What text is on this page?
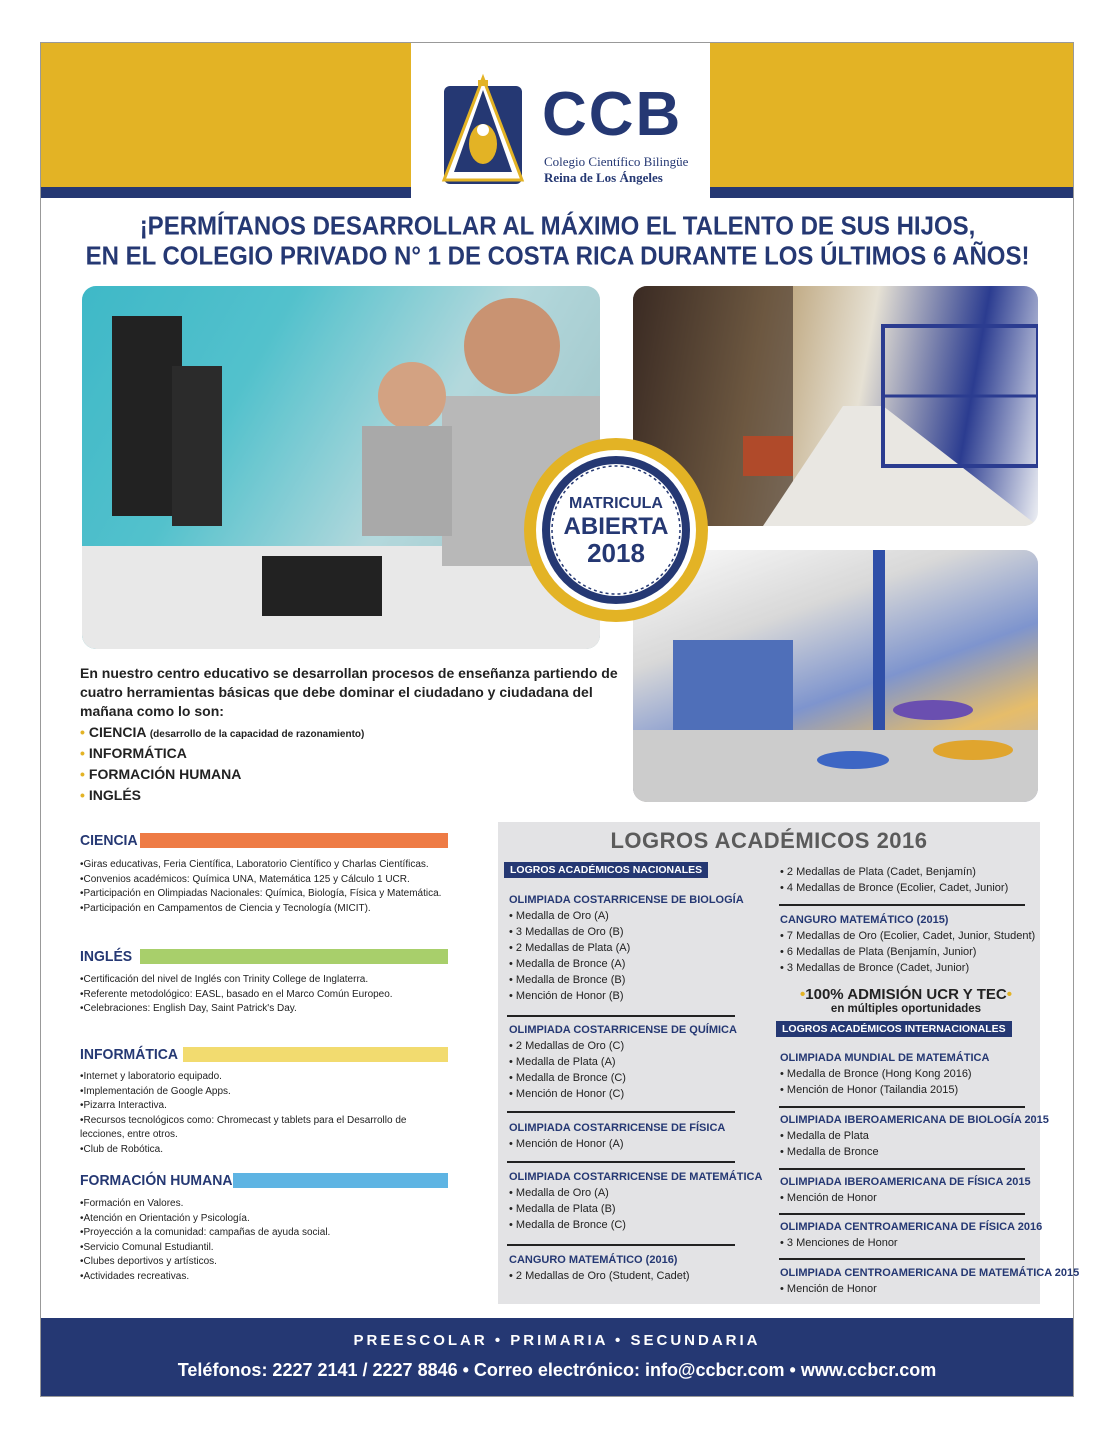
CCB
Colegio Científico Bilingüe
Reina de Los Ángeles
¡PERMÍTANOS DESARROLLAR AL MÁXIMO EL TALENTO DE SUS HIJOS,
EN EL COLEGIO PRIVADO N° 1 DE COSTA RICA DURANTE LOS ÚLTIMOS 6 AÑOS!
MATRICULA
ABIERTA
2018
En nuestro centro educativo se desarrollan procesos de enseñanza partiendo de cuatro herramientas básicas que debe dominar el ciudadano y ciudadana del mañana como lo son:
• CIENCIA (desarrollo de la capacidad de razonamiento)
• INFORMÁTICA
• FORMACIÓN HUMANA
• INGLÉS
CIENCIA
• Giras educativas, Feria Científica, Laboratorio Científico y Charlas Científicas.
• Convenios académicos: Química UNA, Matemática 125 y Cálculo 1 UCR.
• Participación en Olimpiadas Nacionales: Química, Biología, Física y Matemática.
• Participación en Campamentos de Ciencia y Tecnología (MICIT).
INGLÉS
• Certificación del nivel de Inglés con Trinity College de Inglaterra.
• Referente metodológico: EASL, basado en el Marco Común Europeo.
• Celebraciones: English Day, Saint Patrick's Day.
INFORMÁTICA
• Internet y laboratorio equipado.
• Implementación de Google Apps.
• Pizarra Interactiva.
• Recursos tecnológicos como: Chromecast y tablets para el Desarrollo de lecciones, entre otros.
• Club de Robótica.
FORMACIÓN HUMANA
• Formación en Valores.
• Atención en Orientación y Psicología.
• Proyección a la comunidad: campañas de ayuda social.
• Servicio Comunal Estudiantil.
• Clubes deportivos y artísticos.
• Actividades recreativas.
LOGROS ACADÉMICOS 2016
LOGROS ACADÉMICOS NACIONALES
OLIMPIADA COSTARRICENSE DE BIOLOGÍA
• Medalla de Oro (A)
• 3 Medallas de Oro (B)
• 2 Medallas de Plata (A)
• Medalla de Bronce (A)
• Medalla de Bronce (B)
• Mención de Honor (B)
OLIMPIADA COSTARRICENSE DE QUÍMICA
• 2 Medallas de Oro (C)
• Medalla de Plata (A)
• Medalla de Bronce (C)
• Mención de Honor (C)
OLIMPIADA COSTARRICENSE DE FÍSICA
• Mención de Honor (A)
OLIMPIADA COSTARRICENSE DE MATEMÁTICA
• Medalla de Oro (A)
• Medalla de Plata (B)
• Medalla de Bronce (C)
CANGURO MATEMÁTICO (2016)
• 2 Medallas de Oro (Student, Cadet)
• 2 Medallas de Plata (Cadet, Benjamín)
• 4 Medallas de Bronce (Ecolier, Cadet, Junior)
CANGURO MATEMÁTICO (2015)
• 7 Medallas de Oro (Ecolier, Cadet, Junior, Student)
• 6 Medallas de Plata (Benjamín, Junior)
• 3 Medallas de Bronce (Cadet, Junior)
•100% ADMISIÓN UCR Y TEC•
en múltiples oportunidades
LOGROS ACADÉMICOS INTERNACIONALES
OLIMPIADA MUNDIAL DE MATEMÁTICA
• Medalla de Bronce (Hong Kong 2016)
• Mención de Honor (Tailandia 2015)
OLIMPIADA IBEROAMERICANA DE BIOLOGÍA 2015
• Medalla de Plata
• Medalla de Bronce
OLIMPIADA IBEROAMERICANA DE FÍSICA 2015
• Mención de Honor
OLIMPIADA CENTROAMERICANA DE FÍSICA 2016
• 3 Menciones de Honor
OLIMPIADA CENTROAMERICANA DE MATEMÁTICA 2015
• Mención de Honor
PREESCOLAR • PRIMARIA • SECUNDARIA
Teléfonos: 2227 2141 / 2227 8846 • Correo electrónico: info@ccbcr.com • www.ccbcr.com
